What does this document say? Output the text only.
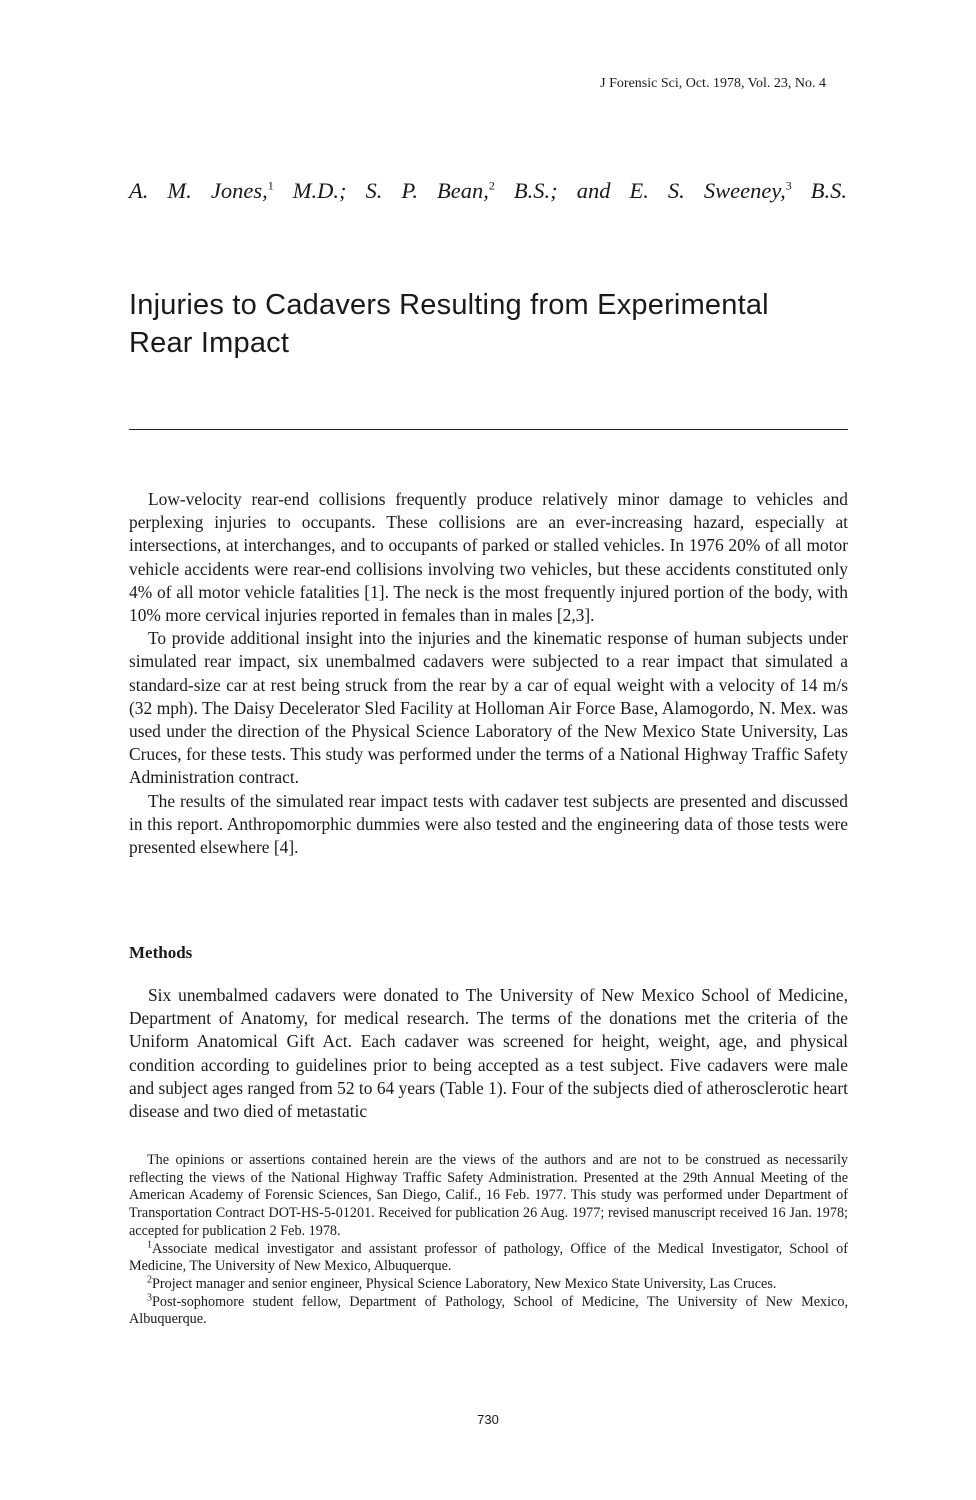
J Forensic Sci, Oct. 1978, Vol. 23, No. 4
A. M. Jones,$^1$ M.D.; S. P. Bean,$^2$ B.S.; and E. S. Sweeney,$^3$ B.S.
Injuries to Cadavers Resulting from Experimental
Rear Impact

Low-velocity rear-end collisions frequently produce relatively minor damage to vehicles and perplexing injuries to occupants. These collisions are an ever-increasing hazard, especially at intersections, at interchanges, and to occupants of parked or stalled vehicles. In 1976 20% of all motor vehicle accidents were rear-end collisions involving two vehicles, but these accidents constituted only 4% of all motor vehicle fatalities [1]. The neck is the most frequently injured portion of the body, with 10% more cervical injuries reported in females than in males [2,3].

To provide additional insight into the injuries and the kinematic response of human subjects under simulated rear impact, six unembalmed cadavers were subjected to a rear impact that simulated a standard-size car at rest being struck from the rear by a car of equal weight with a velocity of 14 m/s (32 mph). The Daisy Decelerator Sled Facility at Holloman Air Force Base, Alamogordo, N. Mex. was used under the direction of the Physical Science Laboratory of the New Mexico State University, Las Cruces, for these tests. This study was performed under the terms of a National Highway Traffic Safety Administration contract.

The results of the simulated rear impact tests with cadaver test subjects are presented and discussed in this report. Anthropomorphic dummies were also tested and the engineering data of those tests were presented elsewhere [4].

Methods

Six unembalmed cadavers were donated to The University of New Mexico School of Medicine, Department of Anatomy, for medical research. The terms of the donations met the criteria of the Uniform Anatomical Gift Act. Each cadaver was screened for height, weight, age, and physical condition according to guidelines prior to being accepted as a test subject. Five cadavers were male and subject ages ranged from 52 to 64 years (Table 1). Four of the subjects died of atherosclerotic heart disease and two died of metastatic

The opinions or assertions contained herein are the views of the authors and are not to be construed as necessarily reflecting the views of the National Highway Traffic Safety Administration. Presented at the 29th Annual Meeting of the American Academy of Forensic Sciences, San Diego, Calif., 16 Feb. 1977. This study was performed under Department of Transportation Contract DOT-HS-5-01201. Received for publication 26 Aug. 1977; revised manuscript received 16 Jan. 1978; accepted for publication 2 Feb. 1978.

$^1$Associate medical investigator and assistant professor of pathology, Office of the Medical Investigator, School of Medicine, The University of New Mexico, Albuquerque.

$^2$Project manager and senior engineer, Physical Science Laboratory, New Mexico State University, Las Cruces.

$^3$Post-sophomore student fellow, Department of Pathology, School of Medicine, The University of New Mexico, Albuquerque.

730
